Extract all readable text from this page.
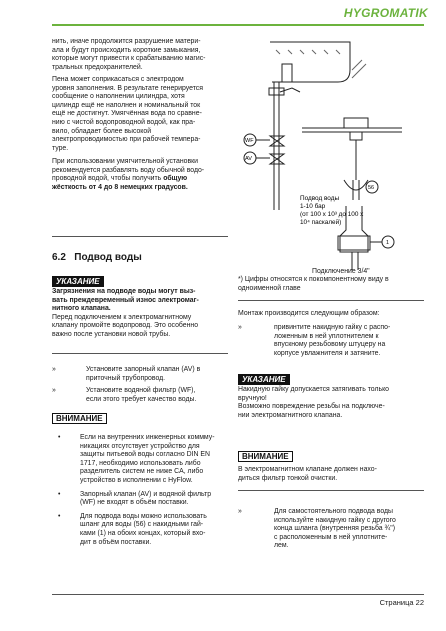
HYGROMATIK
нить, иначе продолжится разрушение матери-
ала и будут происходить короткие замыкания,
которые могут привести к срабатыванию магис-
тральных предохранителей.
Пена может соприкасаться с электродом
уровня заполнения. В результате генерируется
сообщение о наполнении цилиндра, хотя
цилиндр ещё не наполнен и номинальный ток
ещё не достигнут. Умягчённая вода по сравне-
нию с чистой водопроводной водой, как пра-
вило, обладает более высокой
электропроводимостью при рабочей темпера-
туре.
При использовании умягчительной установки
рекомендуется разбавлять воду обычной водо-
проводной водой, чтобы получить общую
жёсткость от 4 до 8 немецких градусов.
6.2 Подвод воды
УКАЗАНИЕ
Загрязнения на подводе воды могут выз-
вать преждевременный износ электромаг-
нитного клапана.
Перед подключением к электромагнитному
клапану промойте водопровод. Это особенно
важно после установки новой трубы.
»	Установите запорный клапан (AV) в
приточный трубопровод.
»	Установите водяной фильтр (WF),
если этого требует качество воды.
ВНИМАНИЕ
•	Если на внутренних инженерных коммму-
никациях отсутствует устройство для
защиты питьевой воды согласно DIN EN
1717, необходимо использовать либо
разделитель систем не ниже CA, либо
устройство в исполнении с HyFlow.
•	Запорный клапан (AV) и водяной фильтр
(WF) не входят в объём поставки.
•	Для подвода воды можно использовать
шланг для воды (56) с накидными гай-
ками (1) на обоих концах, который вхо-
дит в объём поставки.
WF
AV
56
Подвод воды
1-10 бар
(от 100 х 10³ до 100 х
10⁴ паскалей)
1
Подключение 3/4"
*) Цифры относятся к покомпонентному виду в
одноименной главе
Монтаж производится следующим образом:
»	привинтите накидную гайку с распо-
ложенным в ней уплотнителем к
впускному резьбовому штуцеру на
корпусе увлажнителя и затяните.
УКАЗАНИЕ
Накидную гайку допускается затягивать только
вручную!
Возможно повреждение резьбы на подключе-
нии электромагнитного клапана.
ВНИМАНИЕ
В электромагнитном клапане должен нахо-
диться фильтр тонкой очистки.
»	Для самостоятельного подвода воды
используйте накидную гайку с другого
конца шланга (внутренняя резьба ¾")
с расположенным в ней уплотните-
лем.
Страница 22
